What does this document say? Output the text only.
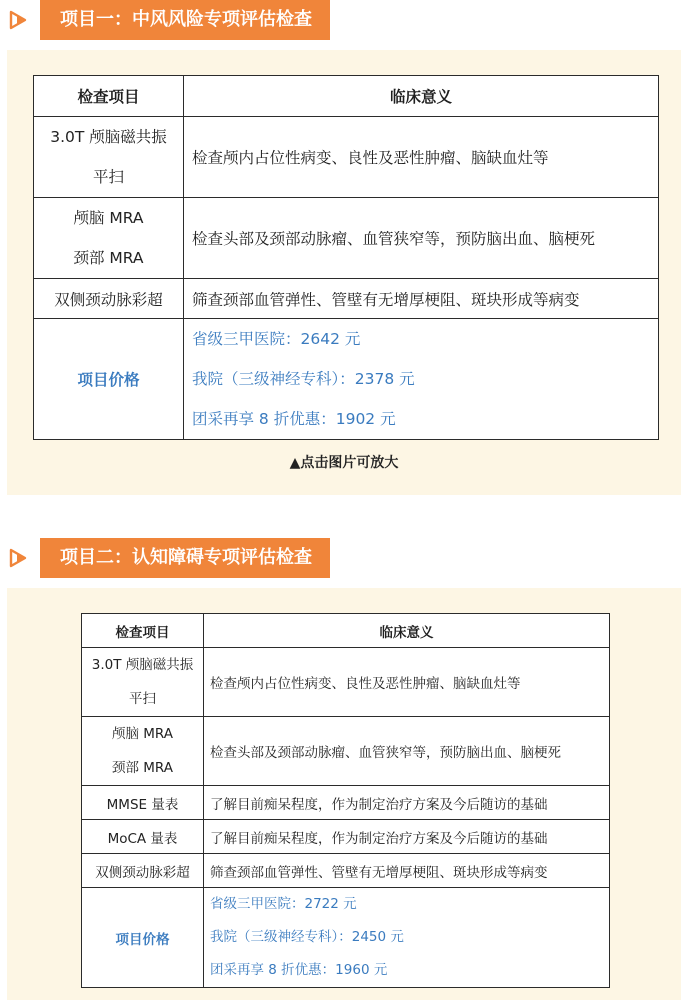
项目一：中风风险专项评估检查
检查项目	临床意义

3.0T 颅脑磁共振
平扫	检查颅内占位性病变、良性及恶性肿瘤、脑缺血灶等

颅脑 MRA
颈部 MRA	检查头部及颈部动脉瘤、血管狭窄等，预防脑出血、脑梗死
双侧颈动脉彩超	筛查颈部血管弹性、管壁有无增厚梗阻、斑块形成等病变
项目价格	省级三甲医院：2642 元
我院（三级神经专科）：2378 元
团采再享 8 折优惠：1902 元
▲点击图片可放大
项目二：认知障碍专项评估检查
检查项目	临床意义

3.0T 颅脑磁共振
平扫	检查颅内占位性病变、良性及恶性肿瘤、脑缺血灶等

颅脑 MRA
颈部 MRA	检查头部及颈部动脉瘤、血管狭窄等，预防脑出血、脑梗死
MMSE 量表	了解目前痴呆程度，作为制定治疗方案及今后随访的基础
MoCA 量表	了解目前痴呆程度，作为制定治疗方案及今后随访的基础
双侧颈动脉彩超	筛查颈部血管弹性、管壁有无增厚梗阻、斑块形成等病变
项目价格	省级三甲医院：2722 元
我院（三级神经专科）：2450 元
团采再享 8 折优惠：1960 元
